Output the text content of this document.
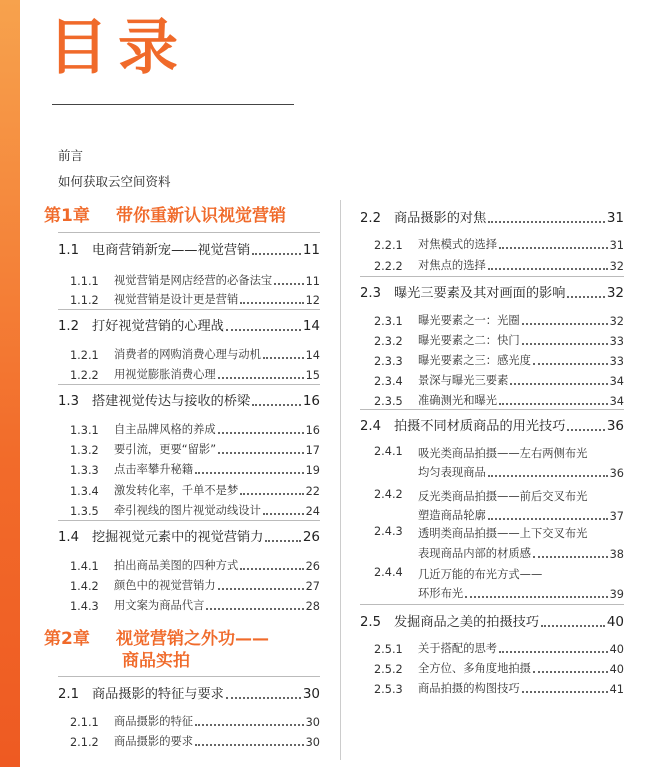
目录
前言
如何获取云空间资料
第1章 带你重新认识视觉营销
1.1 电商营销新宠——视觉营销	11
1.1.1	视觉营销是网店经营的必备法宝	11
1.1.2	视觉营销是设计更是营销	12
1.2 打好视觉营销的心理战	14
1.2.1	消费者的网购消费心理与动机	14
1.2.2	用视觉膨胀消费心理	15
1.3 搭建视觉传达与接收的桥梁	16
1.3.1	自主品牌风格的养成	16
1.3.2	要引流，更要“留影”	17
1.3.3	点击率攀升秘籍	19
1.3.4	激发转化率，千单不是梦	22
1.3.5	牵引视线的图片视觉动线设计	24
1.4 挖掘视觉元素中的视觉营销力	26
1.4.1	拍出商品美图的四种方式	26
1.4.2	颜色中的视觉营销力	27
1.4.3	用文案为商品代言	28
第2章 视觉营销之外功——
商品实拍
2.1 商品摄影的特征与要求	30
2.1.1	商品摄影的特征	30
2.1.2	商品摄影的要求	30
2.2 商品摄影的对焦	31
2.2.1	对焦模式的选择	31
2.2.2	对焦点的选择	32
2.3 曝光三要素及其对画面的影响	32
2.3.1	曝光要素之一：光圈	32
2.3.2	曝光要素之二：快门	33
2.3.3	曝光要素之三：感光度	33
2.3.4	景深与曝光三要素	34
2.3.5	准确测光和曝光	34
2.4 拍摄不同材质商品的用光技巧	36
2.4.1 吸光类商品拍摄——左右两侧布光
均匀表现商品	36
2.4.2 反光类商品拍摄——前后交叉布光
塑造商品轮廓	37
2.4.3 透明类商品拍摄——上下交叉布光
表现商品内部的材质感	38
2.4.4 几近万能的布光方式——
环形布光	39
2.5 发掘商品之美的拍摄技巧	40
2.5.1	关于搭配的思考	40
2.5.2	全方位、多角度地拍摄	40
2.5.3	商品拍摄的构图技巧	41
